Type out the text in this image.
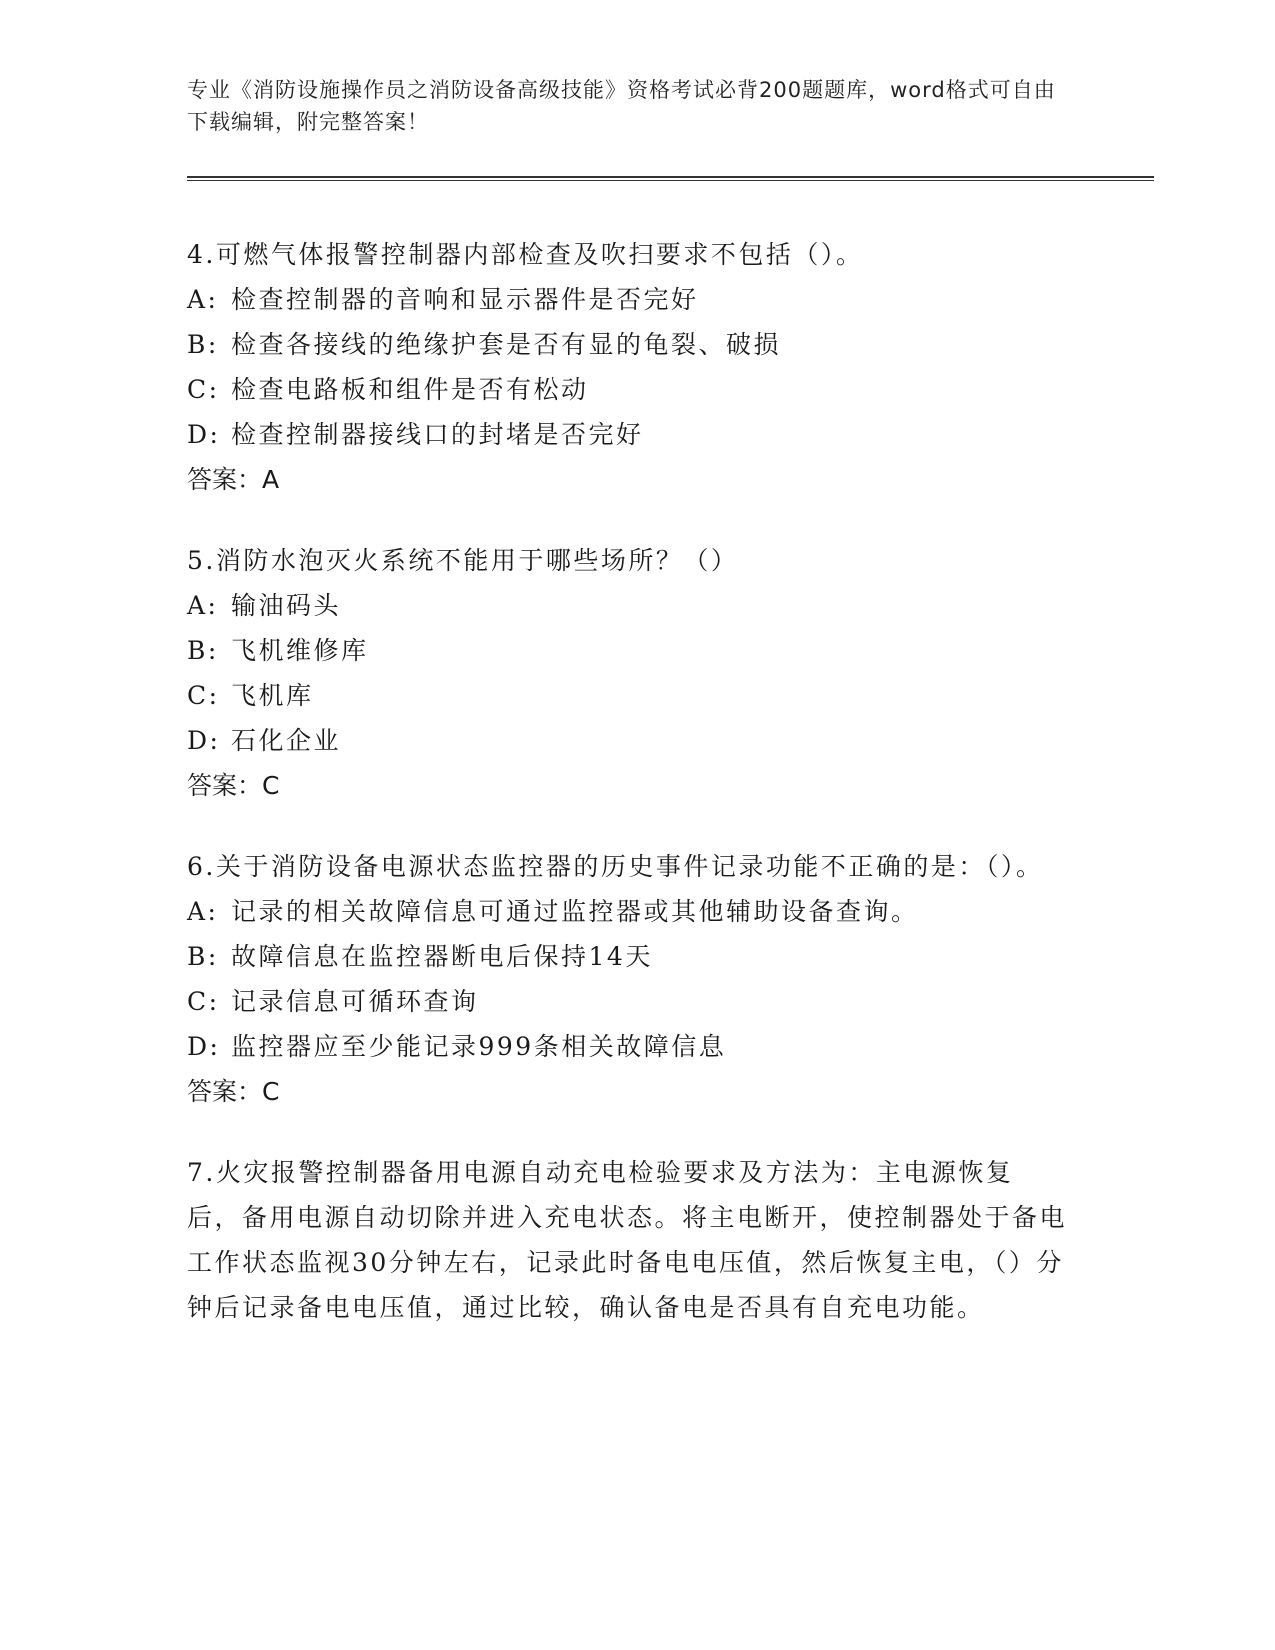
专业《消防设施操作员之消防设备高级技能》资格考试必背200题题库，word格式可自由下载编辑，附完整答案！
4.可燃气体报警控制器内部检查及吹扫要求不包括（）。
A: 检查控制器的音响和显示器件是否完好
B: 检查各接线的绝缘护套是否有显的龟裂、破损
C: 检查电路板和组件是否有松动
D: 检查控制器接线口的封堵是否完好
答案：A
5.消防水泡灭火系统不能用于哪些场所？（）
A: 输油码头
B: 飞机维修库
C: 飞机库
D: 石化企业
答案：C
6.关于消防设备电源状态监控器的历史事件记录功能不正确的是：（）。
A: 记录的相关故障信息可通过监控器或其他辅助设备查询。
B: 故障信息在监控器断电后保持14天
C: 记录信息可循环查询
D: 监控器应至少能记录999条相关故障信息
答案：C
7.火灾报警控制器备用电源自动充电检验要求及方法为：主电源恢复后，备用电源自动切除并进入充电状态。将主电断开，使控制器处于备电工作状态监视30分钟左右，记录此时备电电压值，然后恢复主电，（）分钟后记录备电电压值，通过比较，确认备电是否具有自充电功能。
